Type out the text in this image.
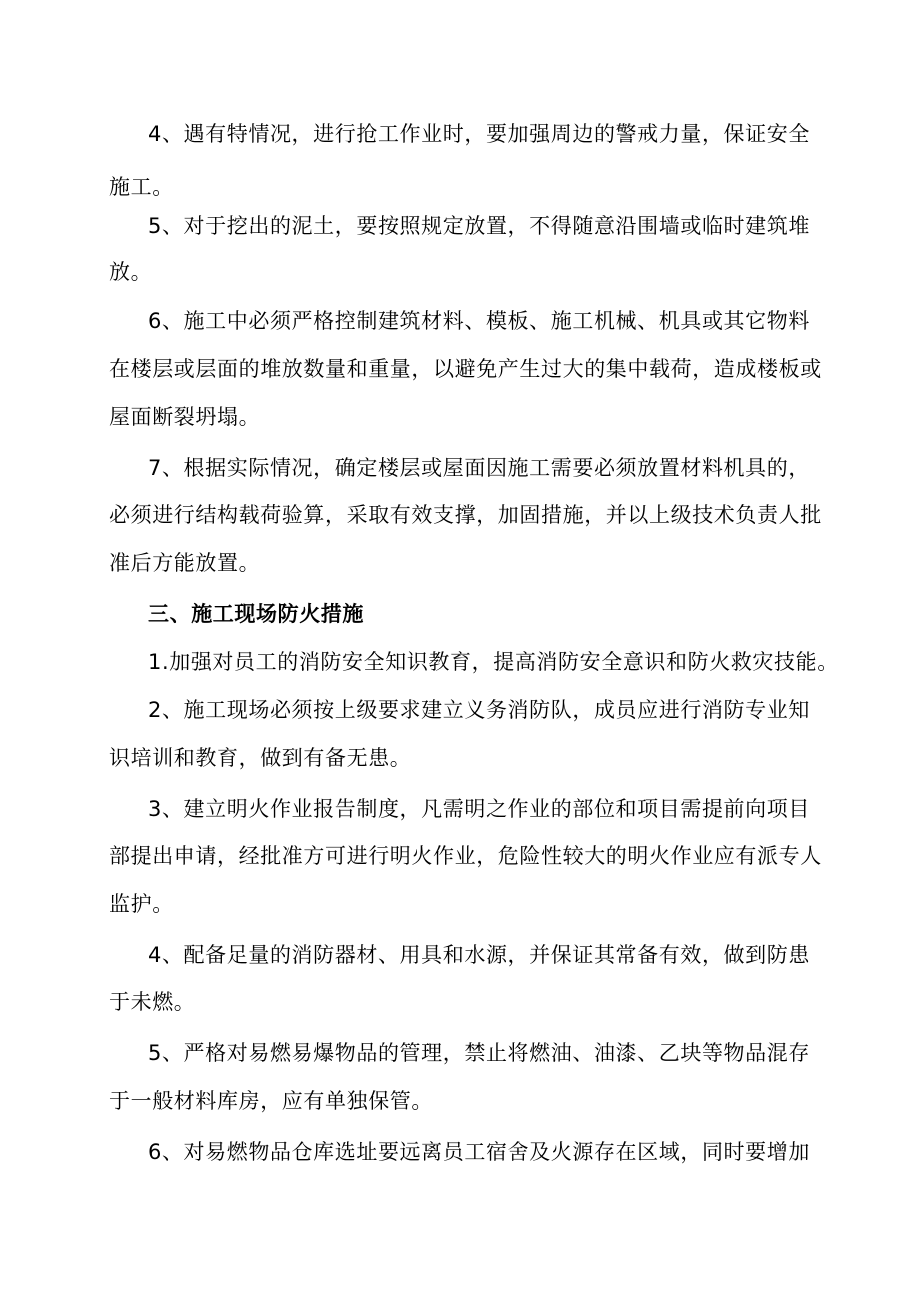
4、遇有特情况，进行抢工作业时，要加强周边的警戒力量，保证安全
施工。
5、对于挖出的泥土，要按照规定放置，不得随意沿围墙或临时建筑堆
放。
6、施工中必须严格控制建筑材料、模板、施工机械、机具或其它物料
在楼层或层面的堆放数量和重量，以避免产生过大的集中载荷，造成楼板或
屋面断裂坍塌。
7、根据实际情况，确定楼层或屋面因施工需要必须放置材料机具的，
必须进行结构载荷验算，采取有效支撑，加固措施，并以上级技术负责人批
准后方能放置。
三、施工现场防火措施
1.加强对员工的消防安全知识教育，提高消防安全意识和防火救灾技能。
2、施工现场必须按上级要求建立义务消防队，成员应进行消防专业知
识培训和教育，做到有备无患。
3、建立明火作业报告制度，凡需明之作业的部位和项目需提前向项目
部提出申请，经批准方可进行明火作业，危险性较大的明火作业应有派专人
监护。
4、配备足量的消防器材、用具和水源，并保证其常备有效，做到防患
于未燃。
5、严格对易燃易爆物品的管理，禁止将燃油、油漆、乙块等物品混存
于一般材料库房，应有单独保管。
6、对易燃物品仓库选址要远离员工宿舍及火源存在区域，同时要增加
